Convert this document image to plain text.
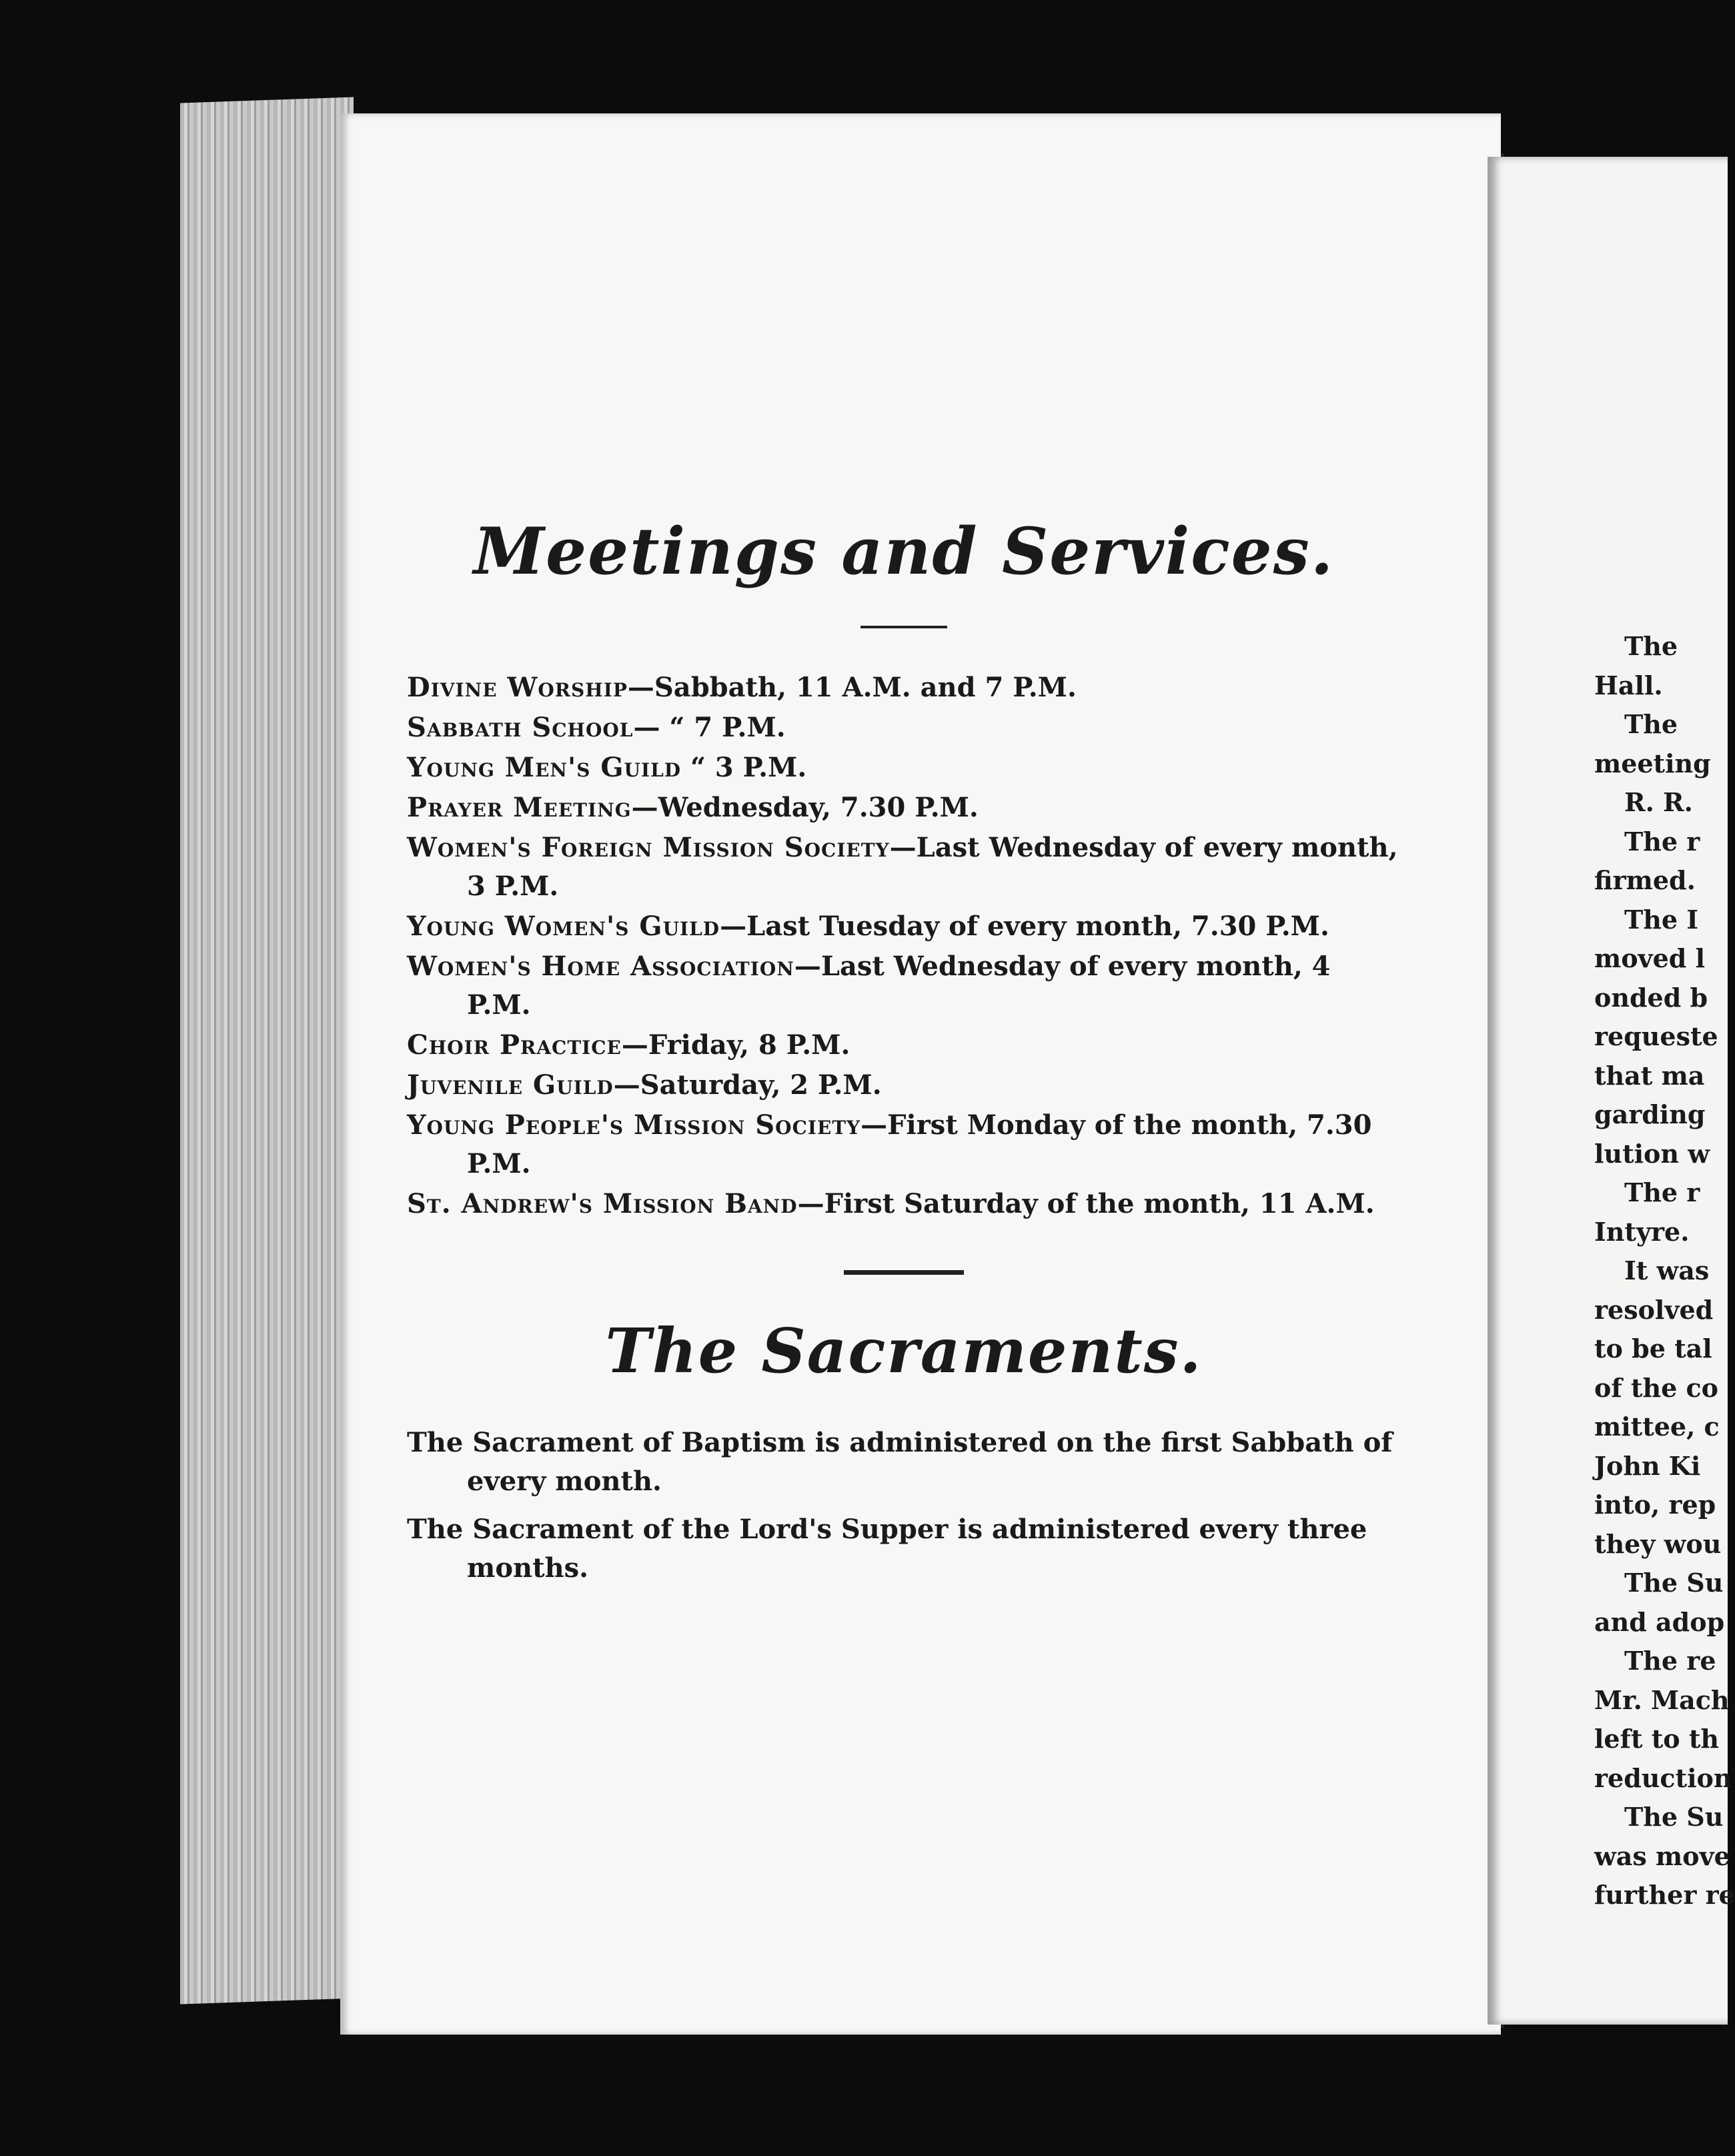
Meetings and Services.
Divine Worship—Sabbath, 11 A.M. and 7 P.M.
Sabbath School— “ 7 P.M.
Young Men's Guild “ 3 P.M.
Prayer Meeting—Wednesday, 7.30 P.M.
Women's Foreign Mission Society—Last Wednesday of every month, 3 P.M.
Young Women's Guild—Last Tuesday of every month, 7.30 P.M.
Women's Home Association—Last Wednesday of every month, 4 P.M.
Choir Practice—Friday, 8 P.M.
Juvenile Guild—Saturday, 2 P.M.
Young People's Mission Society—First Monday of the month, 7.30 P.M.
St. Andrew's Mission Band—First Saturday of the month, 11 A.M.
The Sacraments.
The Sacrament of Baptism is administered on the first Sabbath of every month.
The Sacrament of the Lord's Supper is administered every three months.
The
Hall.
The
meeting
R. R.
The r
firmed.
The I
moved l
onded b
requeste
that ma
garding
lution w
The r
Intyre.
It was
resolved
to be tal
of the co
mittee, c
John Ki
into, rep
they wou
The Su
and adop
The re
Mr. Mach
left to th
reduction
The Su
was move
further re
